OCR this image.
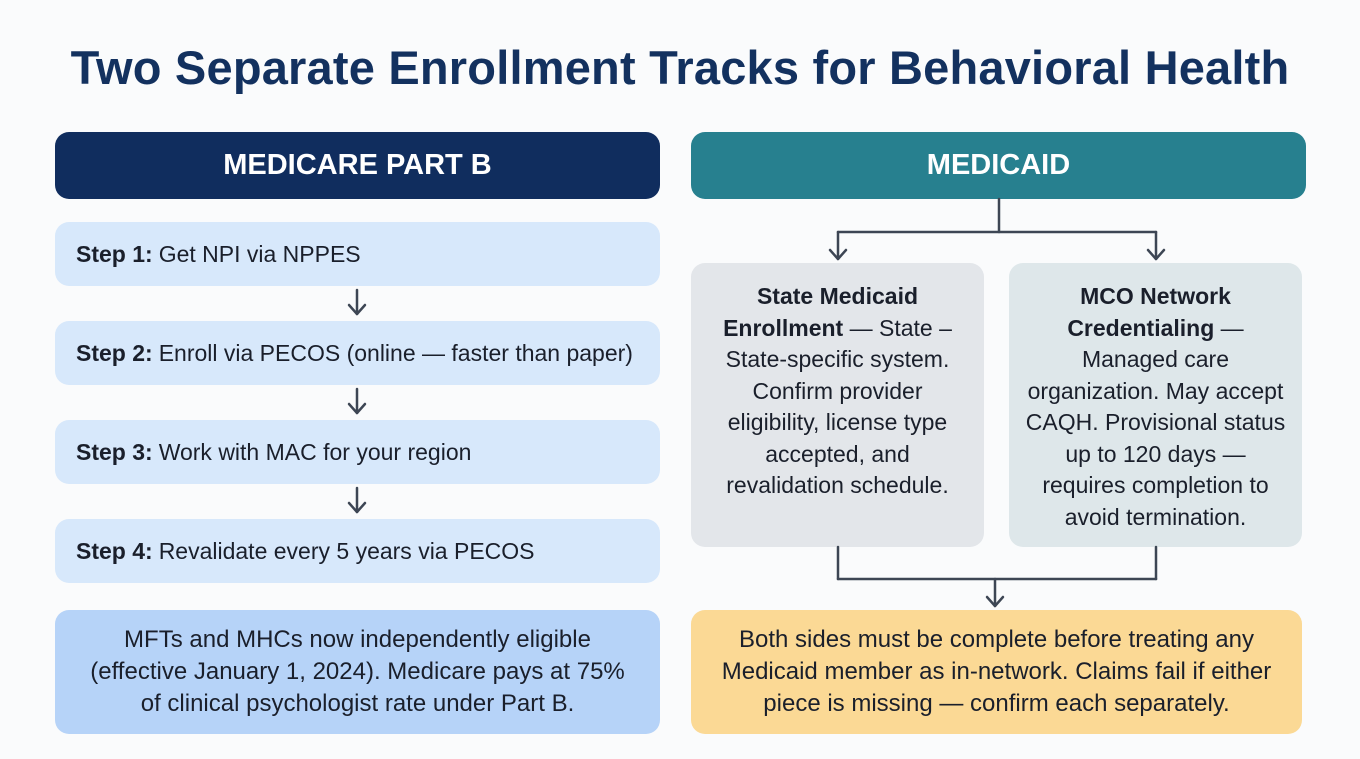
Two Separate Enrollment Tracks for Behavioral Health
MEDICARE PART B
Step 1: Get NPI via NPPES
Step 2: Enroll via PECOS (online — faster than paper)
Step 3: Work with MAC for your region
Step 4: Revalidate every 5 years via PECOS
MFTs and MHCs now independently eligible (effective January 1, 2024). Medicare pays at 75% of clinical psychologist rate under Part B.
MEDICAID
State Medicaid Enrollment — State – State-specific system. Confirm provider eligibility, license type accepted, and revalidation schedule.
MCO Network Credentialing — Managed care organization. May accept CAQH. Provisional status up to 120 days — requires completion to avoid termination.
Both sides must be complete before treating any Medicaid member as in-network. Claims fail if either piece is missing — confirm each separately.
